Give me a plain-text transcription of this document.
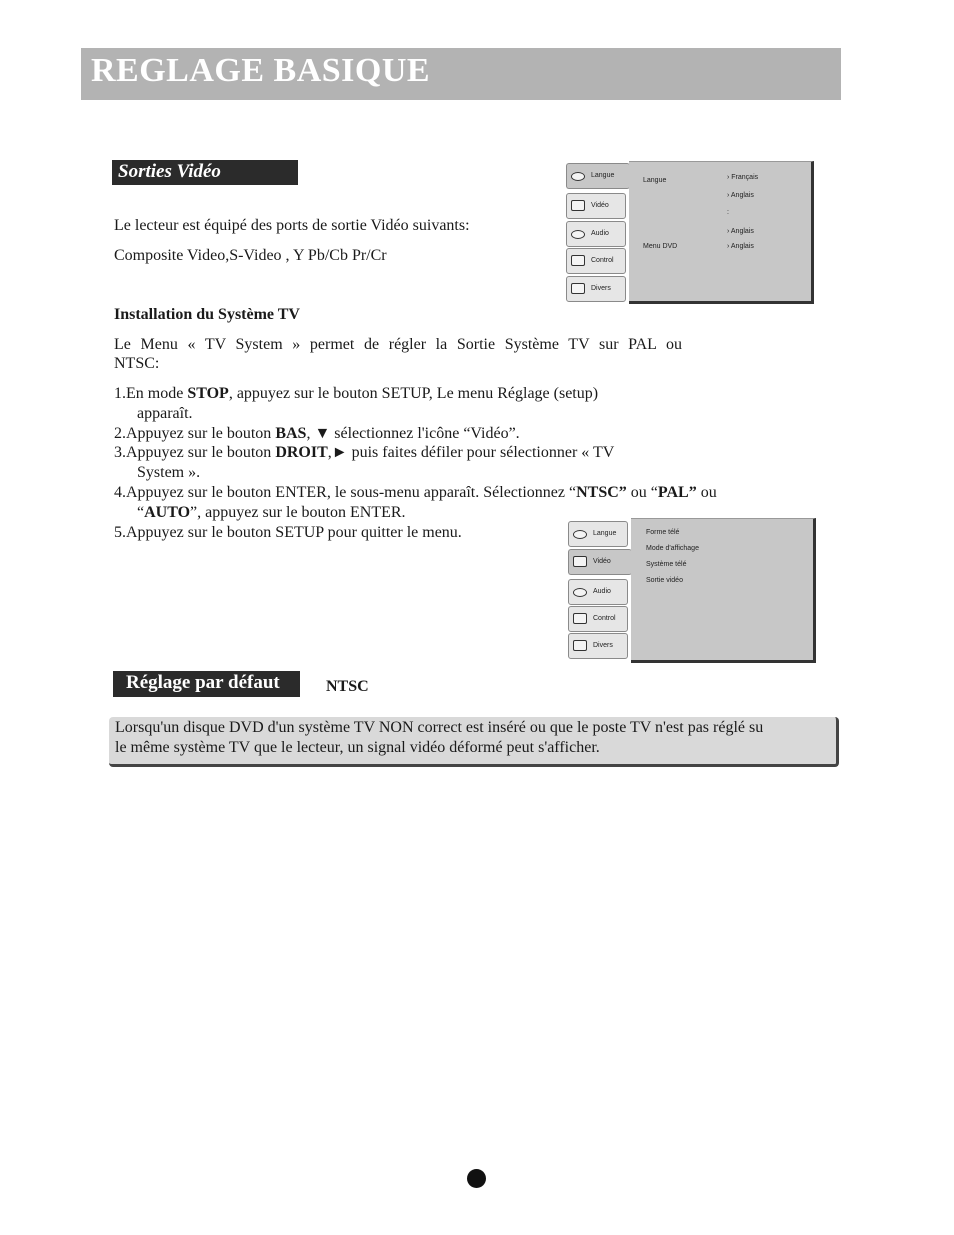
REGLAGE BASIQUE
Sorties Vidéo
Le lecteur est équipé des ports de sortie Vidéo suivants:
Composite Video,S-Video , Y Pb/Cb Pr/Cr
Langue
Vidéo
Audio
Control
Divers
Langue
Menu DVD
› Français
› Anglais
:
› Anglais
› Anglais
Installation du Système TV
Le Menu « TV System » permet de régler la Sortie Système TV sur PAL ou
NTSC:
1.En mode STOP, appuyez sur le bouton SETUP, Le menu Réglage (setup)
apparaît.
2.Appuyez sur le bouton BAS, ▼ sélectionnez l'icône “Vidéo”.
3.Appuyez sur le bouton DROIT,► puis faites défiler pour sélectionner « TV
System ».
4.Appuyez sur le bouton ENTER, le sous-menu apparaît. Sélectionnez “NTSC” ou “PAL” ou
“AUTO”, appuyez sur le bouton ENTER.
5.Appuyez sur le bouton SETUP pour quitter le menu.	Langue
Vidéo
Audio
Control
Divers
Forme télé
Mode d'affichage
Système télé
Sortie vidéo
Réglage par défaut	NTSC
Lorsqu'un disque DVD d'un système TV NON correct est inséré ou que le poste TV n'est pas réglé su
le même système TV que le lecteur, un signal vidéo déformé peut s'afficher.
